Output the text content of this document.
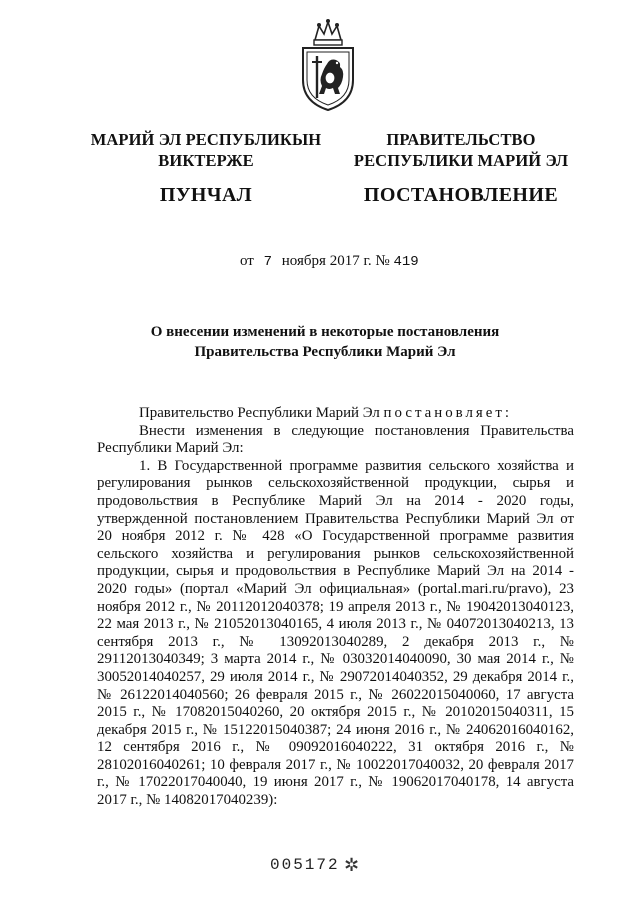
МАРИЙ ЭЛ РЕСПУБЛИКЫН
ВИКТЕРЖЕ
ПУНЧАЛ
ПРАВИТЕЛЬСТВО
РЕСПУБЛИКИ МАРИЙ ЭЛ
ПОСТАНОВЛЕНИЕ
от 7 ноября 2017 г. № 419
О внесении изменений в некоторые постановления
Правительства Республики Марий Эл

Правительство Республики Марий Эл постановляет:

Внести изменения в следующие постановления Правительства Республики Марий Эл:

1. В Государственной программе развития сельского хозяйства и регулирования рынков сельскохозяйственной продукции, сырья и продовольствия в Республике Марий Эл на 2014 - 2020 годы, утвержденной постановлением Правительства Республики Марий Эл от 20 ноября 2012 г. № 428 «О Государственной программе развития сельского хозяйства и регулирования рынков сельскохозяйственной продукции, сырья и продовольствия в Республике Марий Эл на 2014 - 2020 годы» (портал «Марий Эл официальная» (portal.mari.ru/pravo), 23 ноября 2012 г., № 20112012040378; 19 апреля 2013 г., № 19042013040123, 22 мая 2013 г., № 21052013040165, 4 июля 2013 г., № 04072013040213, 13 сентября 2013 г., № 13092013040289, 2 декабря 2013 г., № 29112013040349; 3 марта 2014 г., № 03032014040090, 30 мая 2014 г., № 30052014040257, 29 июля 2014 г., № 29072014040352, 29 декабря 2014 г., № 26122014040560; 26 февраля 2015 г., № 26022015040060, 17 августа 2015 г., № 17082015040260, 20 октября 2015 г., № 20102015040311, 15 декабря 2015 г., № 15122015040387; 24 июня 2016 г., № 24062016040162, 12 сентября 2016 г., № 09092016040222, 31 октября 2016 г., № 28102016040261; 10 февраля 2017 г., № 10022017040032, 20 февраля 2017 г., № 17022017040040, 19 июня 2017 г., № 19062017040178, 14 августа 2017 г., № 14082017040239):

005172 ✲
